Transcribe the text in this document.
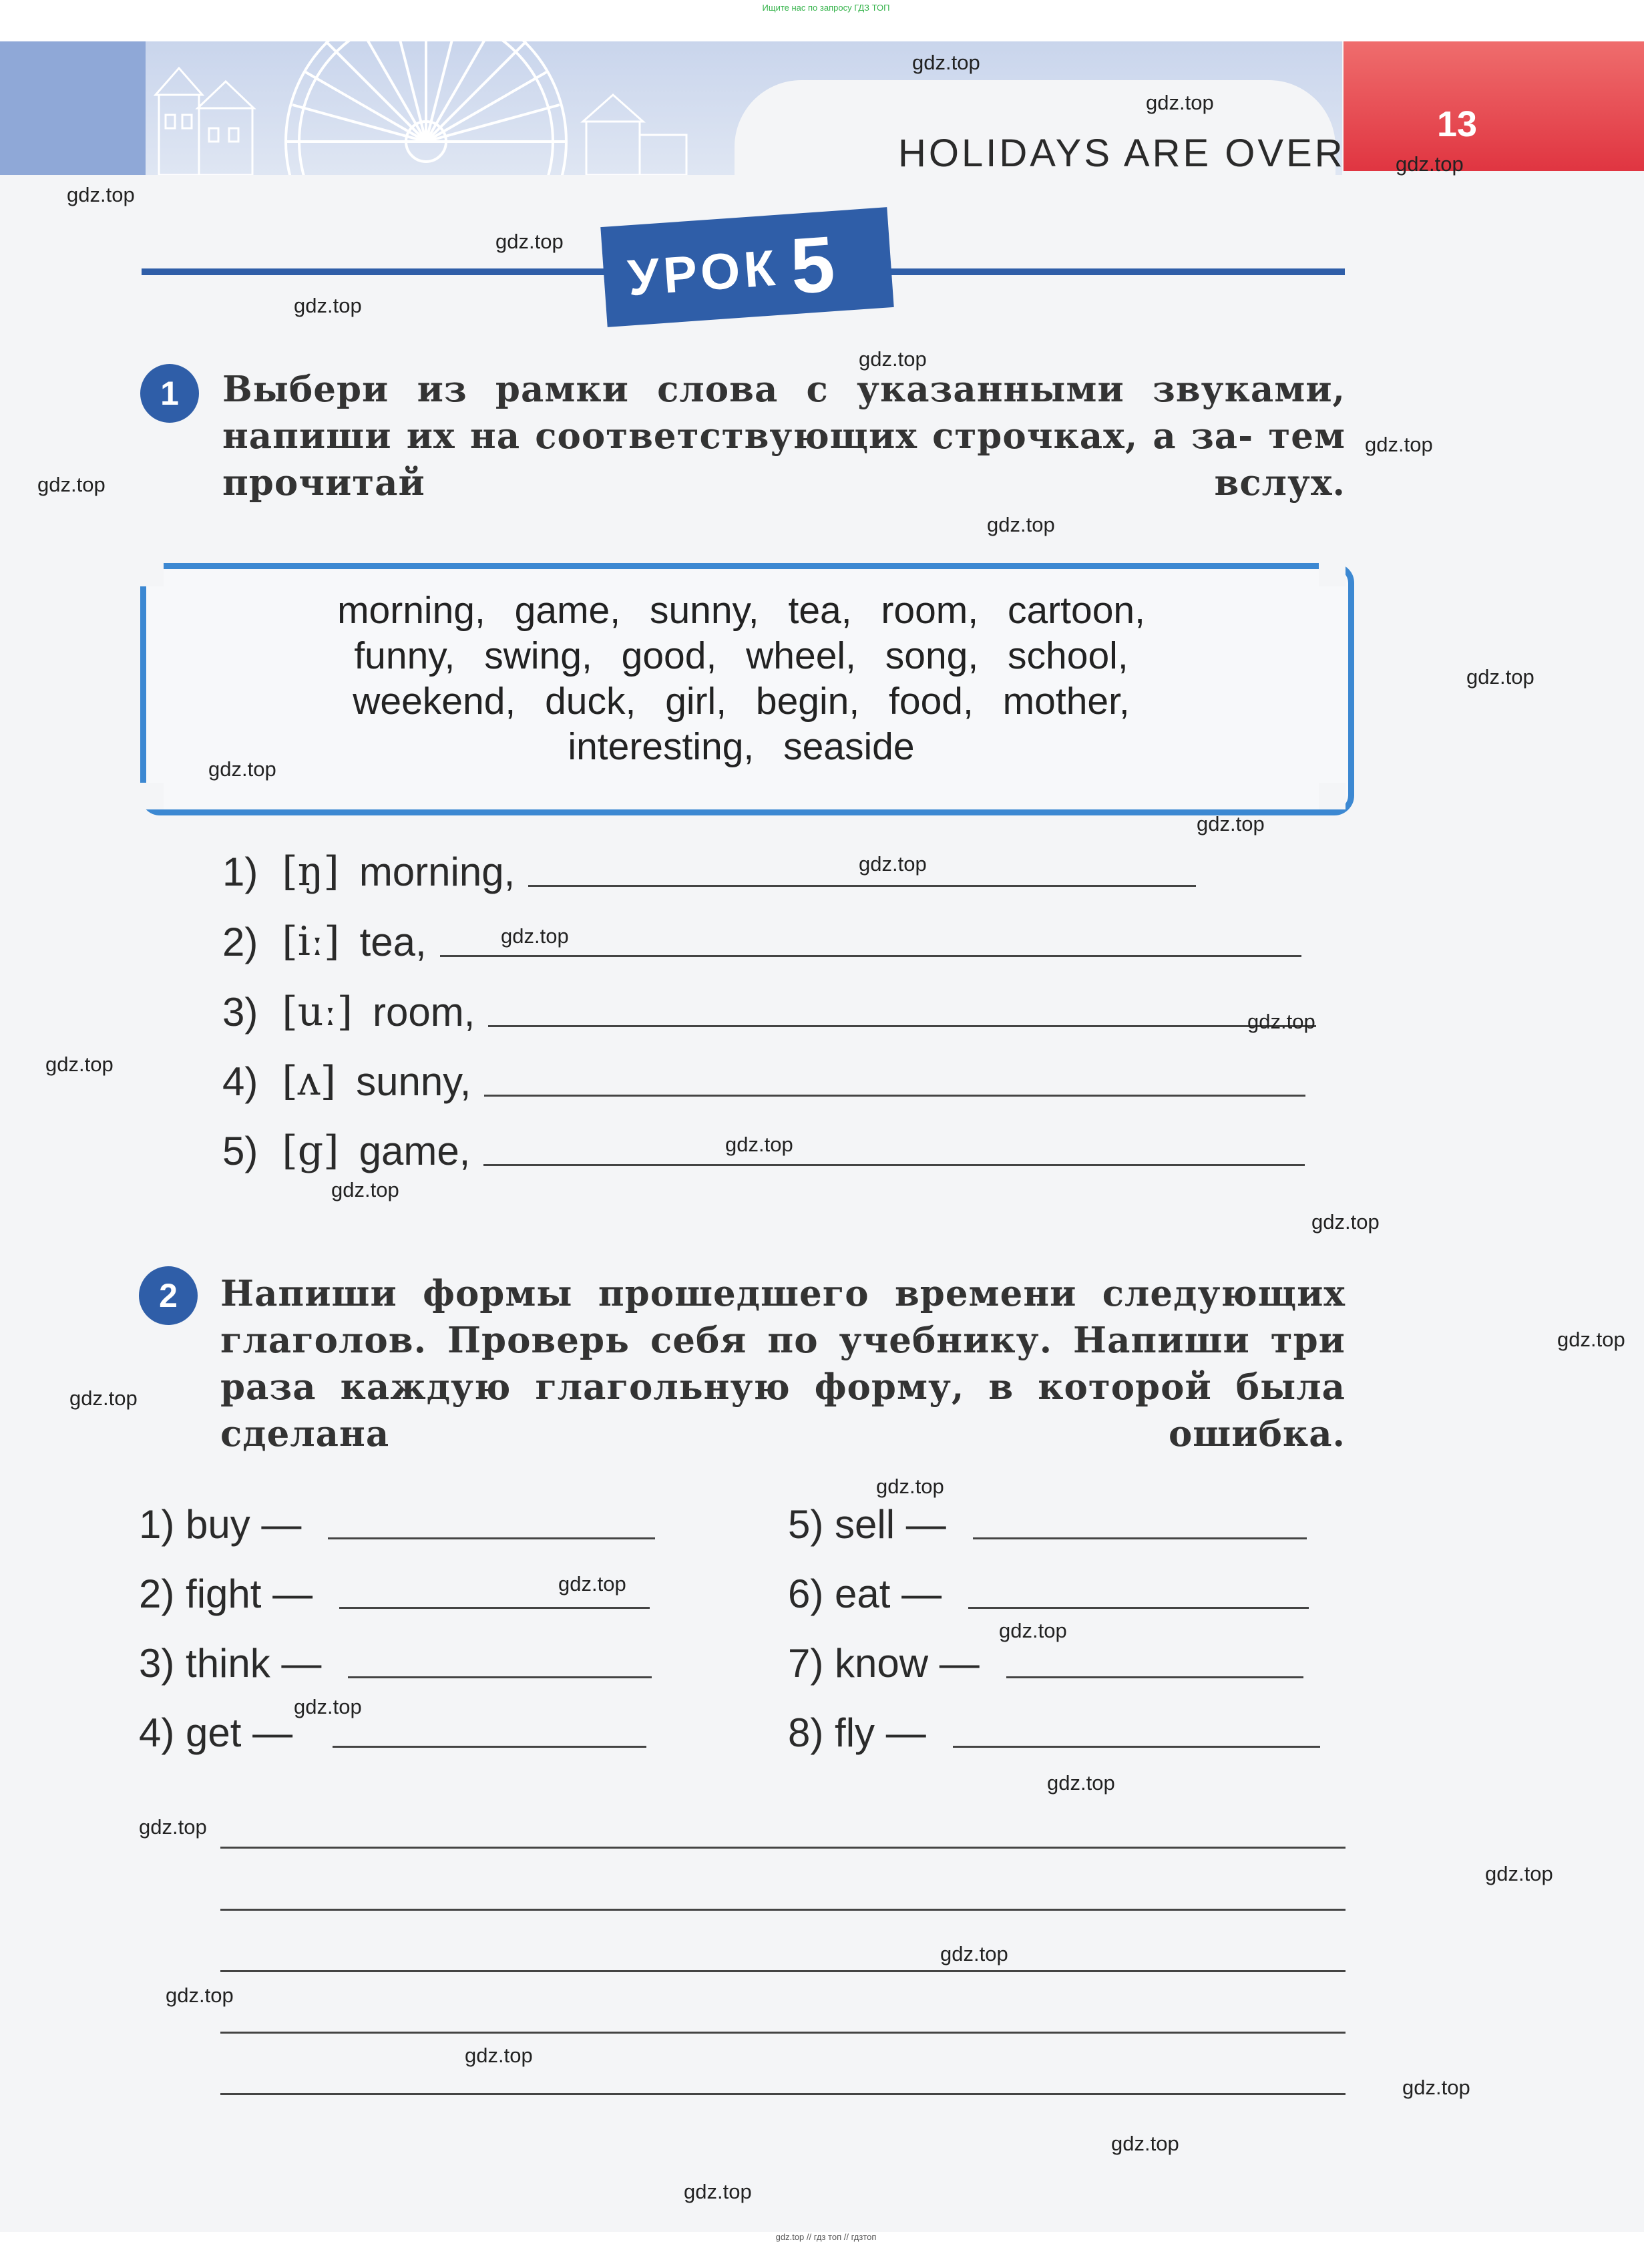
Ищите нас по запросу ГДЗ ТОП
13
HOLIDAYS ARE OVER
УРОК5
1	Выбери из рамки слова с указанными звуками, напиши их на соответствующих строчках, а за- тем прочитай вслух.
morning, game, sunny, tea, room, cartoon,
funny, swing, good, wheel, song, school,
weekend, duck, girl, begin, food, mother,
interesting, seaside
1) [ŋ] morning,
2) [iː] tea,
3) [uː] room,
4) [ʌ] sunny,
5) [g] game,
2	Напиши формы прошедшего времени следующих глаголов. Проверь себя по учебнику. Напиши три раза каждую глагольную форму, в которой была сделана ошибка.
1) buy —
2) fight —
3) think —
4) get —
5) sell —
6) eat —
7) know —
8) fly —
gdz.top
gdz.top
gdz.top
gdz.top
gdz.top
gdz.top
gdz.top
gdz.top
gdz.top
gdz.top
gdz.top
gdz.top
gdz.top
gdz.top
gdz.top
gdz.top
gdz.top
gdz.top
gdz.top
gdz.top
gdz.top
gdz.top
gdz.top
gdz.top
gdz.top
gdz.top
gdz.top
gdz.top
gdz.top
gdz.top
gdz.top
gdz.top
gdz.top
gdz.top
gdz.top
gdz.top // гдз топ // гдзтоп
